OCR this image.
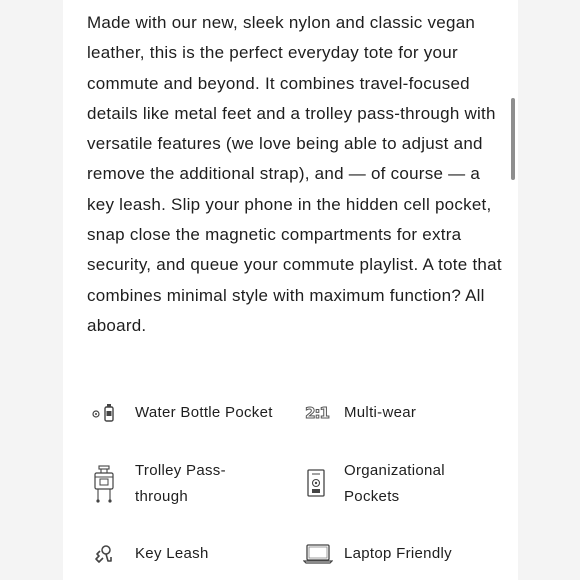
Made with our new, sleek nylon and classic vegan leather, this is the perfect everyday tote for your commute and beyond. It combines travel-focused details like metal feet and a trolley pass-through with versatile features (we love being able to adjust and remove the additional strap), and — of course — a key leash. Slip your phone in the hidden cell pocket, snap close the magnetic compartments for extra security, and queue your commute playlist. A tote that combines minimal style with maximum function? All aboard.

Water Bottle Pocket	2:1 Multi-wear
Trolley Pass-through
Organizational Pockets
Key Leash	Laptop Friendly
